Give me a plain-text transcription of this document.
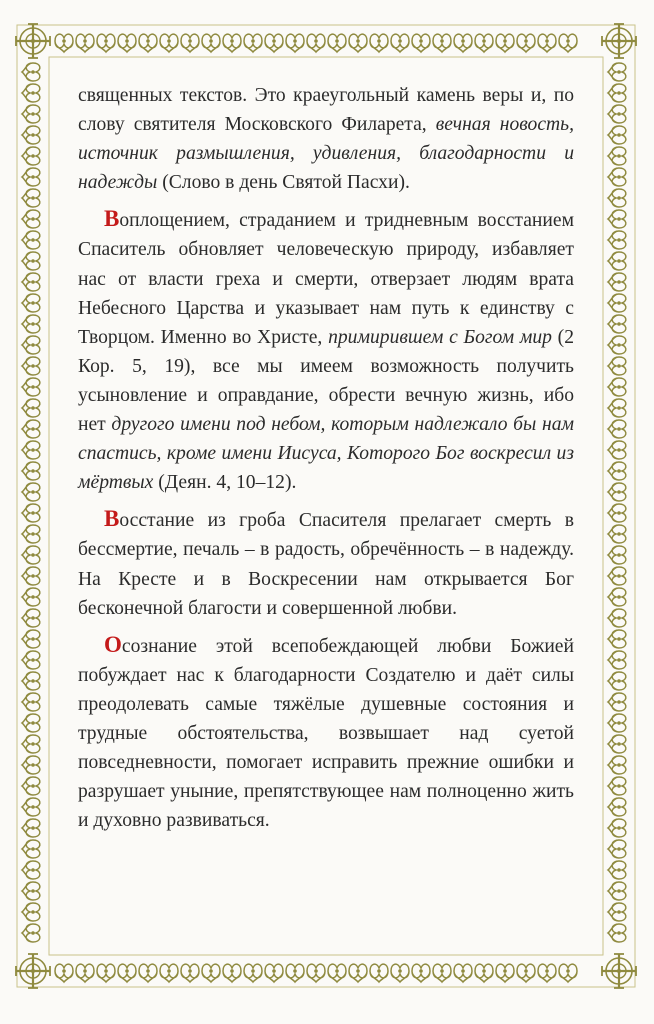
священных текстов. Это краеугольный камень веры и, по слову святителя Московского Филарета, вечная новость, источник размышления, удивления, благодарности и надежды (Слово в день Святой Пасхи).

Воплощением, страданием и тридневным восстанием Спаситель обновляет человеческую природу, избавляет нас от власти греха и смерти, отверзает людям врата Небесного Царства и указывает нам путь к единству с Творцом. Именно во Христе, примирившем с Богом мир (2 Кор. 5, 19), все мы имеем возможность получить усыновление и оправдание, обрести вечную жизнь, ибо нет другого имени под небом, которым надлежало бы нам спастись, кроме имени Иисуса, Которого Бог воскресил из мёртвых (Деян. 4, 10–12).

Восстание из гроба Спасителя прелагает смерть в бессмертие, печаль – в радость, обречённость – в надежду. На Кресте и в Воскресении нам открывается Бог бесконечной благости и совершенной любви.

Осознание этой всепобеждающей любви Божией побуждает нас к благодарности Создателю и даёт силы преодолевать самые тяжёлые душевные состояния и трудные обстоятельства, возвышает над суетой повседневности, помогает исправить прежние ошибки и разрушает уныние, препятствующее нам полноценно жить и духовно развиваться.
